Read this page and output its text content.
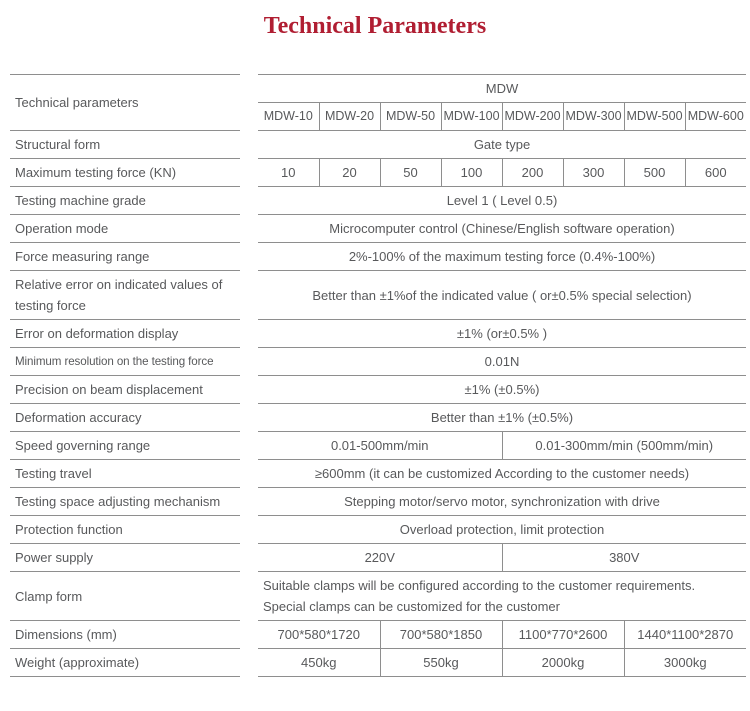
Technical Parameters
Technical parameters		MDW							
		MDW-10	MDW-20	MDW-50	MDW-100	MDW-200	MDW-300	MDW-500	MDW-600
Structural form		Gate type							
Maximum testing force (KN)		10	20	50	100	200	300	500	600
Testing machine grade		Level 1 ( Level 0.5)							
Operation mode		Microcomputer control (Chinese/English software operation)							
Force measuring range		2%-100% of the maximum testing force (0.4%-100%)							
Relative error on indicated values of testing force		Better than ±1%of the indicated value ( or±0.5% special selection)							
Error on deformation display		±1% (or±0.5% )							
Minimum resolution on the testing force		0.01N							
Precision on beam displacement		±1% (±0.5%)							
Deformation accuracy		Better than ±1% (±0.5%)							
Speed governing range		0.01-500mm/min				0.01-300mm/min (500mm/min)			
Testing travel		≥600mm (it can be customized According to the customer needs)							
Testing space adjusting mechanism		Stepping motor/servo motor, synchronization with drive							
Protection function		Overload protection, limit protection							
Power supply		220V				380V			
Clamp form		Suitable clamps will be configured according to the customer requirements. Special clamps can be customized for the customer							
Dimensions (mm)		700*580*1720		700*580*1850		1100*770*2600		1440*1100*2870	
Weight (approximate)		450kg		550kg		2000kg		3000kg	
